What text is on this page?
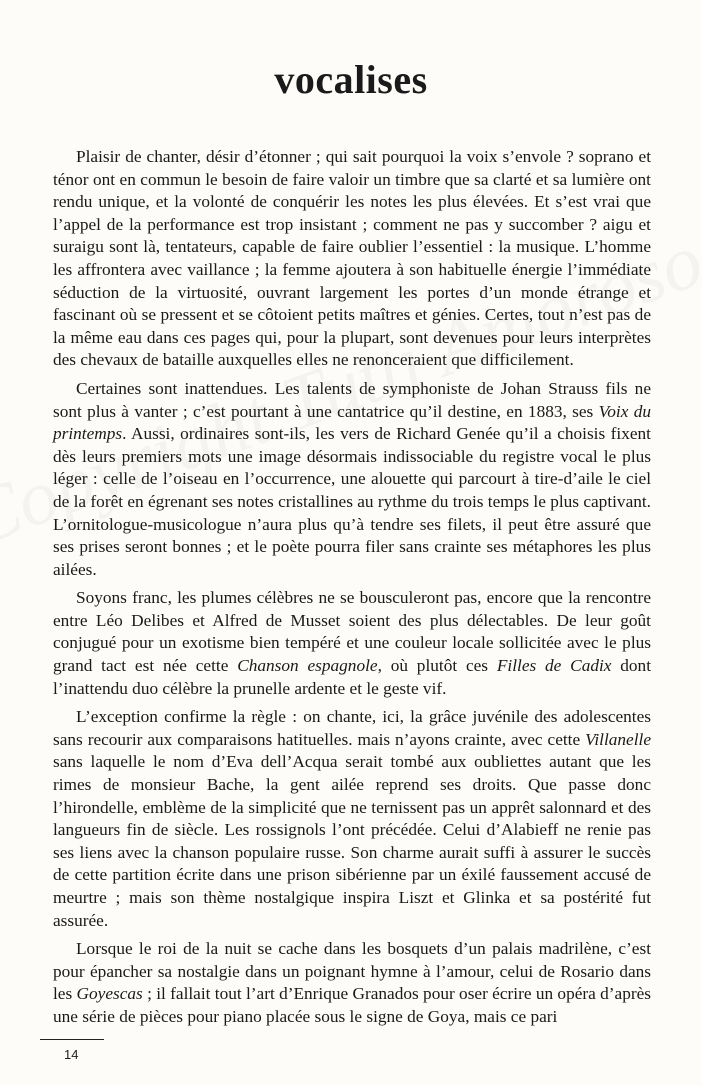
vocalises

Plaisir de chanter, désir d’étonner ; qui sait pourquoi la voix s’envole ? soprano et ténor ont en commun le besoin de faire valoir un timbre que sa clarté et sa lumière ont rendu unique, et la volonté de conquérir les notes les plus élevées. Et s’est vrai que l’appel de la performance est trop insistant ; comment ne pas y succomber ? aigu et suraigu sont là, tentateurs, capable de faire oublier l’essentiel : la musique. L’homme les affrontera avec vaillance ; la femme ajoutera à son habituelle énergie l’immédiate séduction de la virtuosité, ouvrant largement les portes d’un monde étrange et fascinant où se pressent et se côtoient petits maîtres et génies. Certes, tout n’est pas de la même eau dans ces pages qui, pour la plupart, sont devenues pour leurs interprètes des chevaux de bataille auxquelles elles ne renonceraient que difficilement.

Certaines sont inattendues. Les talents de symphoniste de Johan Strauss fils ne sont plus à vanter ; c’est pourtant à une cantatrice qu’il destine, en 1883, ses Voix du printemps. Aussi, ordinaires sont-ils, les vers de Richard Genée qu’il a choisis fixent dès leurs premiers mots une image désormais indissociable du registre vocal le plus léger : celle de l’oiseau en l’occurrence, une alouette qui parcourt à tire-d’aile le ciel de la forêt en égrenant ses notes cristallines au rythme du trois temps le plus captivant. L’ornitologue-musicologue n’aura plus qu’à tendre ses filets, il peut être assuré que ses prises seront bonnes ; et le poète pourra filer sans crainte ses métaphores les plus ailées.

Soyons franc, les plumes célèbres ne se bousculeront pas, encore que la rencontre entre Léo Delibes et Alfred de Musset soient des plus délectables. De leur goût conjugué pour un exotisme bien tempéré et une couleur locale sollicitée avec le plus grand tact est née cette Chanson espagnole, où plutôt ces Filles de Cadix dont l’inattendu duo célèbre la prunelle ardente et le geste vif.

L’exception confirme la règle : on chante, ici, la grâce juvénile des adolescentes sans recourir aux comparaisons hatituelles. mais n’ayons crainte, avec cette Villanelle sans laquelle le nom d’Eva dell’Acqua serait tombé aux oubliettes autant que les rimes de monsieur Bache, la gent ailée reprend ses droits. Que passe donc l’hirondelle, emblème de la simplicité que ne ternissent pas un apprêt salonnard et des langueurs fin de siècle. Les rossignols l’ont précédée. Celui d’Alabieff ne renie pas ses liens avec la chanson populaire russe. Son charme aurait suffi à assurer le succès de cette partition écrite dans une prison sibérienne par un éxilé faussement accusé de meurtre ; mais son thème nostalgique inspira Liszt et Glinka et sa postérité fut assurée.

Lorsque le roi de la nuit se cache dans les bosquets d’un palais madrilène, c’est pour épancher sa nostalgie dans un poignant hymne à l’amour, celui de Rosario dans les Goyescas ; il fallait tout l’art d’Enrique Granados pour oser écrire un opéra d’après une série de pièces pour piano placée sous le signe de Goya, mais ce pari

14
